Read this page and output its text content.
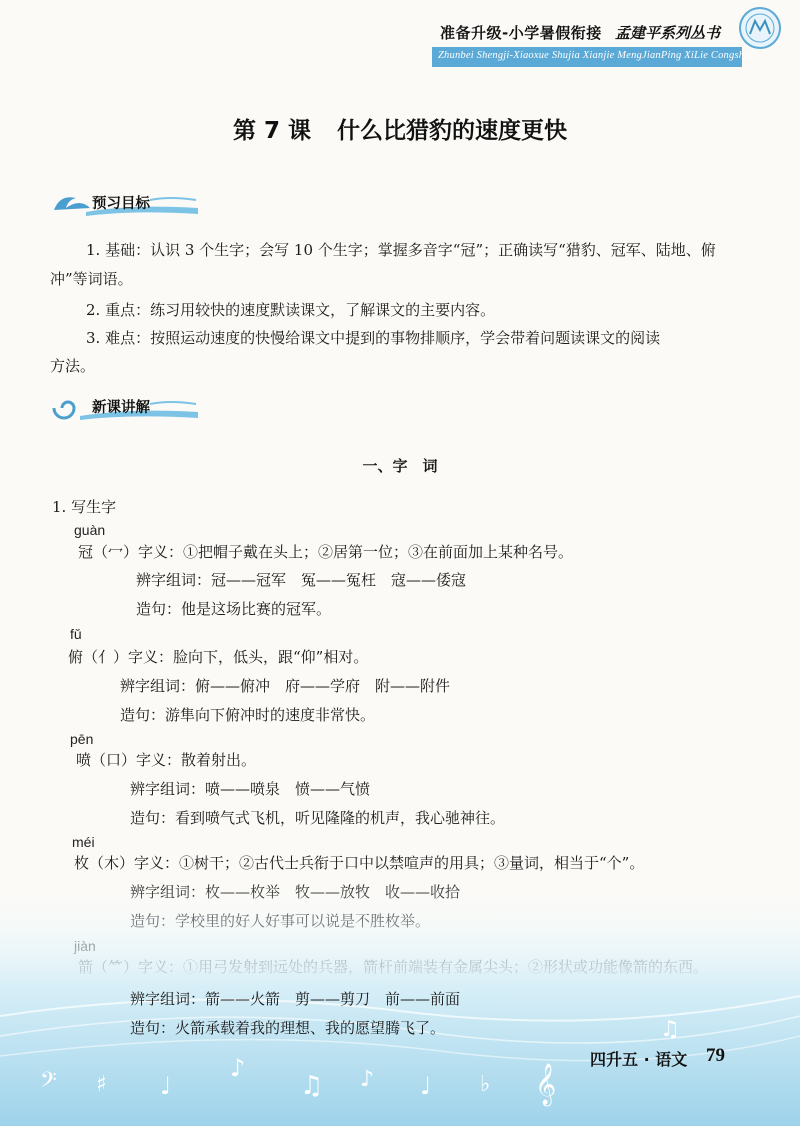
准备升级-小学暑假衔接 孟建平系列丛书
Zhunbei Shengji-Xiaoxue Shujia Xianjie MengJianPing XiLie Congshu
第 7 课 什么比猎豹的速度更快
预习目标
1. 基础：认识 3 个生字；会写 10 个生字；掌握多音字“冠”；正确读写“猎豹、冠军、陆地、俯
冲”等词语。
2. 重点：练习用较快的速度默读课文，了解课文的主要内容。
3. 难点：按照运动速度的快慢给课文中提到的事物排顺序，学会带着问题读课文的阅读
方法。
新课讲解
一、字　词
1. 写生字
guàn
冠（冖）字义：①把帽子戴在头上；②居第一位；③在前面加上某种名号。
辨字组词：冠——冠军　冤——冤枉　寇——倭寇
造句：他是这场比赛的冠军。
fǔ
俯（亻）字义：脸向下，低头，跟“仰”相对。
辨字组词：俯——俯冲　府——学府　附——附件
造句：游隼向下俯冲时的速度非常快。
pēn
喷（口）字义：散着射出。
辨字组词：喷——喷泉　愤——气愤
造句：看到喷气式飞机，听见隆隆的机声，我心驰神往。
méi
枚（木）字义：①树干；②古代士兵衔于口中以禁喧声的用具；③量词，相当于“个”。
𝄢 ♯ ♩
♪
♫ ♪ ♩ ♭ 𝄞
♫
辨字组词：箭——火箭　剪——剪刀　前——前面
造句：火箭承载着我的理想、我的愿望腾飞了。
四升五 · 语文 79
